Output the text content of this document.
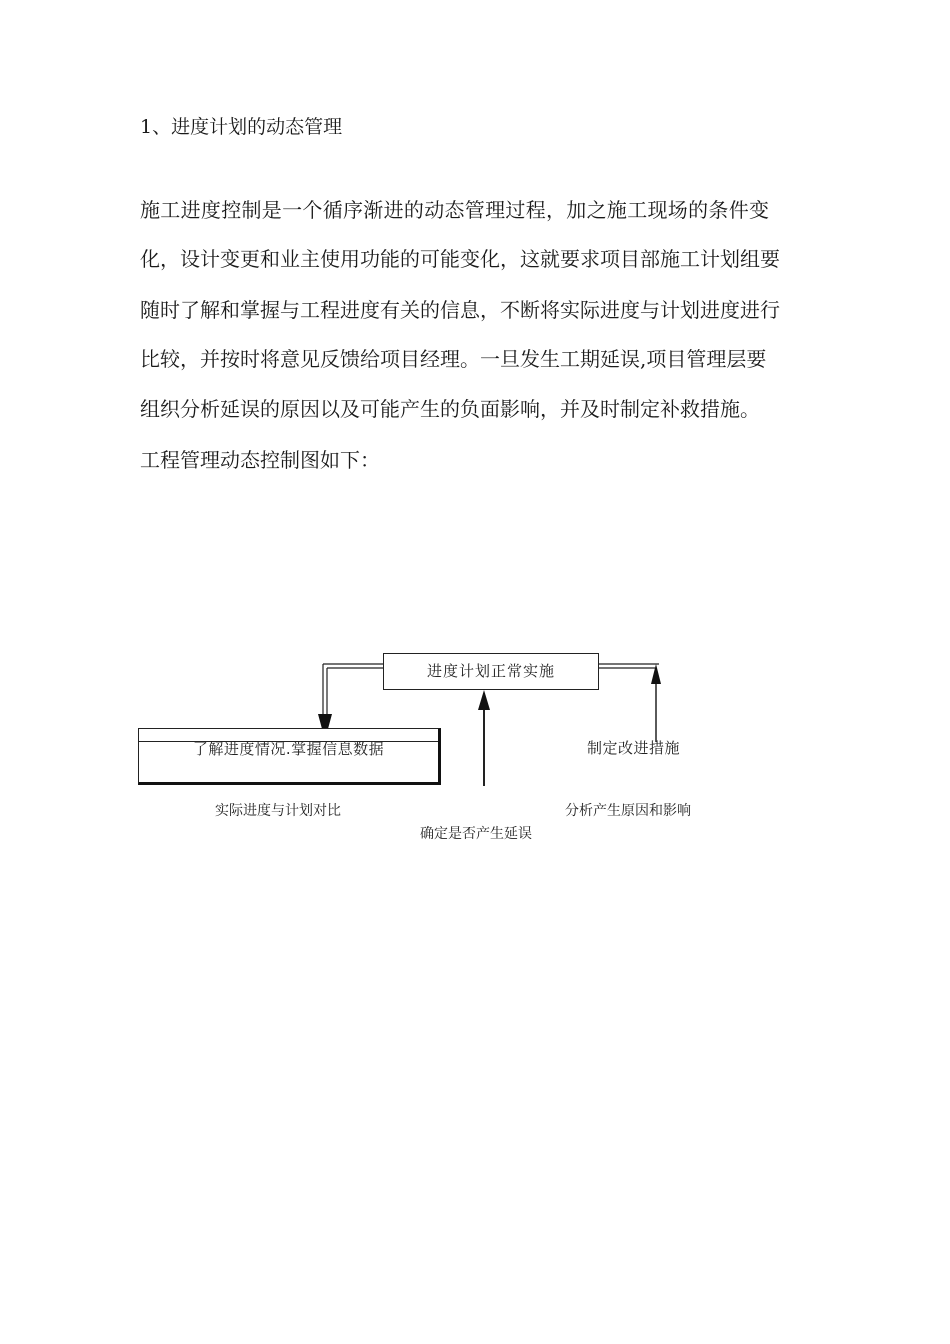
1、进度计划的动态管理
施工进度控制是一个循序渐进的动态管理过程，加之施工现场的条件变
化，设计变更和业主使用功能的可能变化，这就要求项目部施工计划组要
随时了解和掌握与工程进度有关的信息，不断将实际进度与计划进度进行
比较，并按时将意见反馈给项目经理。一旦发生工期延误,项目管理层要
组织分析延误的原因以及可能产生的负面影响，并及时制定补救措施。
工程管理动态控制图如下：
进度计划正常实施
了解进度情况.掌握信息数据	制定改进措施
实际进度与计划对比	分析产生原因和影响
确定是否产生延误
